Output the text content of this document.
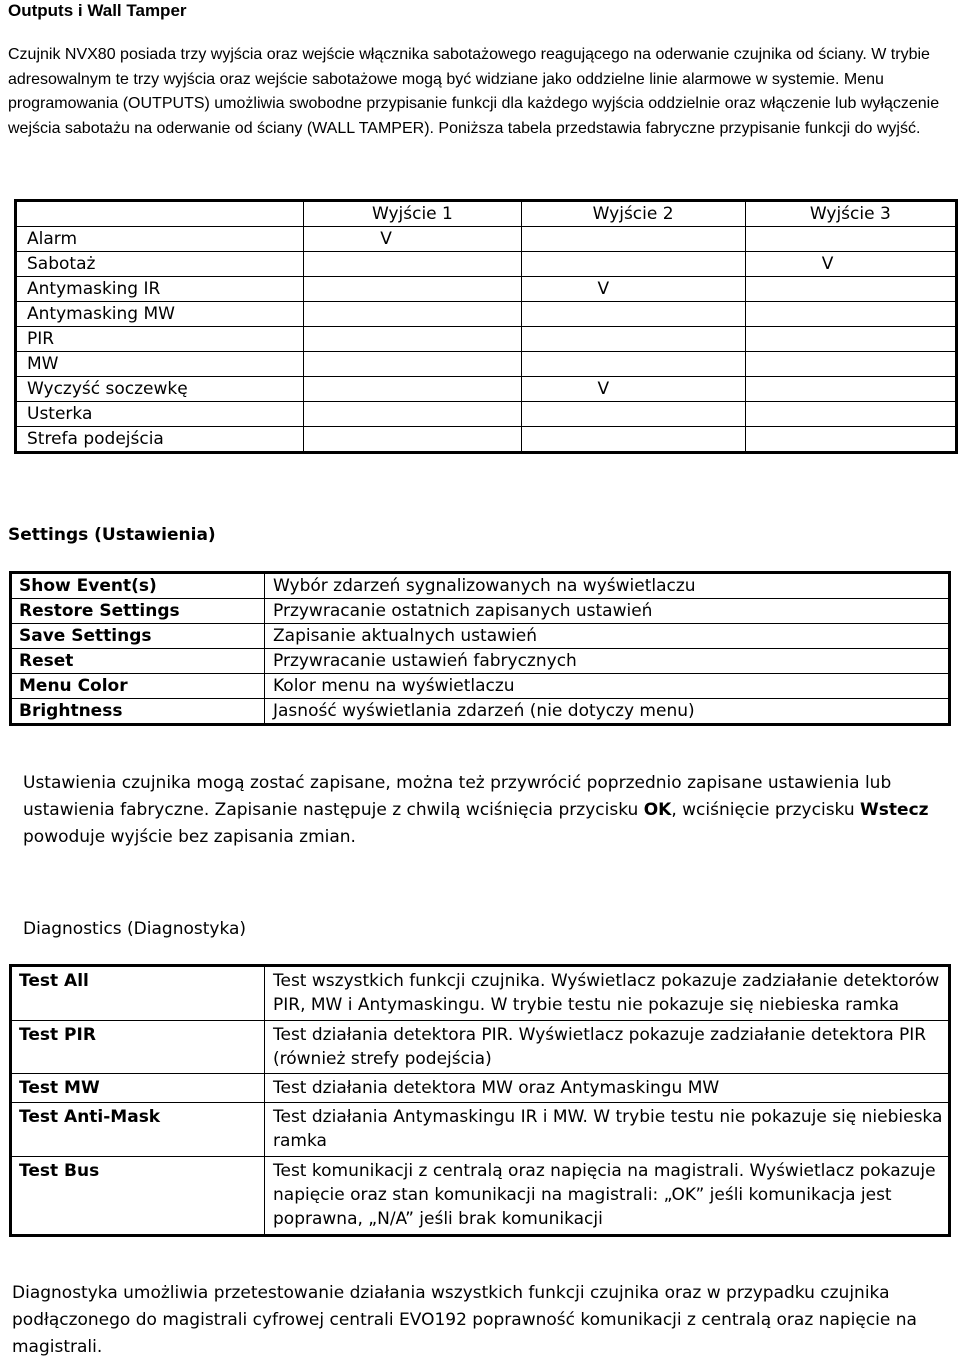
Outputs i Wall Tamper

Czujnik NVX80 posiada trzy wyjścia oraz wejście włącznika sabotażowego reagującego na oderwanie czujnika od ściany. W trybie adresowalnym te trzy wyjścia oraz wejście sabotażowe mogą być widziane jako oddzielne linie alarmowe w systemie. Menu programowania (OUTPUTS) umożliwia swobodne przypisanie funkcji dla każdego wyjścia oddzielnie oraz włączenie lub wyłączenie wejścia sabotażu na oderwanie od ściany (WALL TAMPER). Poniższa tabela przedstawia fabryczne przypisanie funkcji do wyjść.

	Wyjście 1	Wyjście 2	Wyjście 3
Alarm	V		
Sabotaż			V
Antymasking IR		V	
Antymasking MW			
PIR			
MW			
Wyczyść soczewkę		V	
Usterka			
Strefa podejścia			
Settings (Ustawienia)
Show Event(s)	Wybór zdarzeń sygnalizowanych na wyświetlaczu
Restore Settings	Przywracanie ostatnich zapisanych ustawień
Save Settings	Zapisanie aktualnych ustawień
Reset	Przywracanie ustawień fabrycznych
Menu Color	Kolor menu na wyświetlaczu
Brightness	Jasność wyświetlania zdarzeń (nie dotyczy menu)

Ustawienia czujnika mogą zostać zapisane, można też przywrócić poprzednio zapisane ustawienia lub ustawienia fabryczne. Zapisanie następuje z chwilą wciśnięcia przycisku OK, wciśnięcie przycisku Wstecz powoduje wyjście bez zapisania zmian.

Diagnostics (Diagnostyka)
Test All	Test wszystkich funkcji czujnika. Wyświetlacz pokazuje zadziałanie detektorów PIR, MW i Antymaskingu. W trybie testu nie pokazuje się niebieska ramka
Test PIR	Test działania detektora PIR. Wyświetlacz pokazuje zadziałanie detektora PIR (również strefy podejścia)
Test MW	Test działania detektora MW oraz Antymaskingu MW
Test Anti-Mask	Test działania Antymaskingu IR i MW. W trybie testu nie pokazuje się niebieska ramka
Test Bus	Test komunikacji z centralą oraz napięcia na magistrali. Wyświetlacz pokazuje napięcie oraz stan komunikacji na magistrali: „OK” jeśli komunikacja jest poprawna, „N/A” jeśli brak komunikacji

Diagnostyka umożliwia przetestowanie działania wszystkich funkcji czujnika oraz w przypadku czujnika podłączonego do magistrali cyfrowej centrali EVO192 poprawność komunikacji z centralą oraz napięcie na magistrali.
